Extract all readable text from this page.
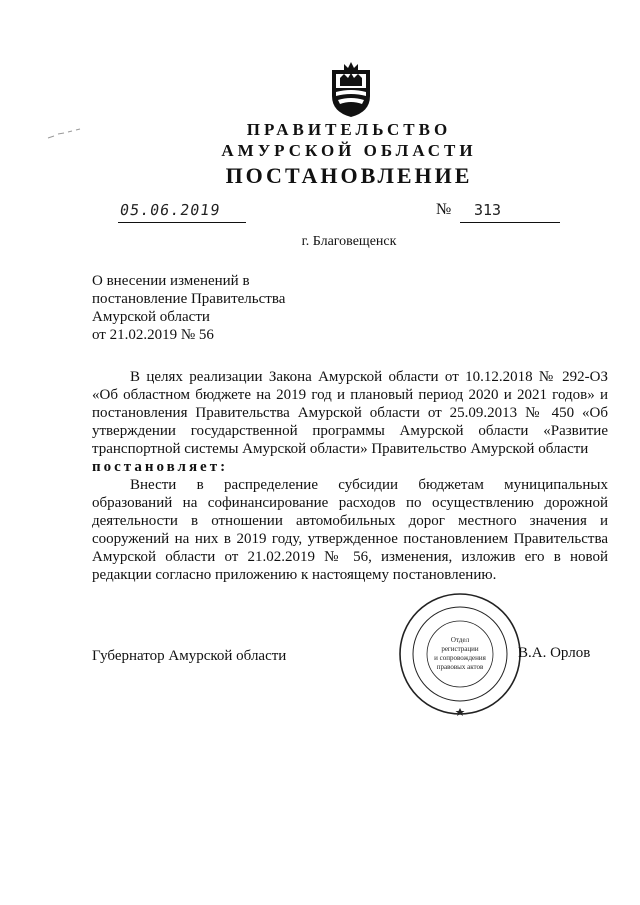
ПРАВИТЕЛЬСТВО
АМУРСКОЙ ОБЛАСТИ
ПОСТАНОВЛЕНИЕ
05.06.2019	№ 313
г. Благовещенск
О внесении изменений в
постановление Правительства
Амурской области
от 21.02.2019 № 56

В целях реализации Закона Амурской области от 10.12.2018 № 292-ОЗ «Об областном бюджете на 2019 год и плановый период 2020 и 2021 годов» и постановления Правительства Амурской области от 25.09.2013 № 450 «Об утверждении государственной программы Амурской области «Развитие транспортной системы Амурской области» Правительство Амурской области

постановляет:

Внести в распределение субсидии бюджетам муниципальных образований на софинансирование расходов по осуществлению дорожной деятельности в отношении автомобильных дорог местного значения и сооружений на них в 2019 году, утвержденное постановлением Правительства Амурской области от 21.02.2019 № 56, изменения, изложив его в новой редакции согласно приложению к настоящему постановлению.

Губернатор Амурской области
Отдел
регистрации
и сопровождения
правовых актов
В.А. Орлов
